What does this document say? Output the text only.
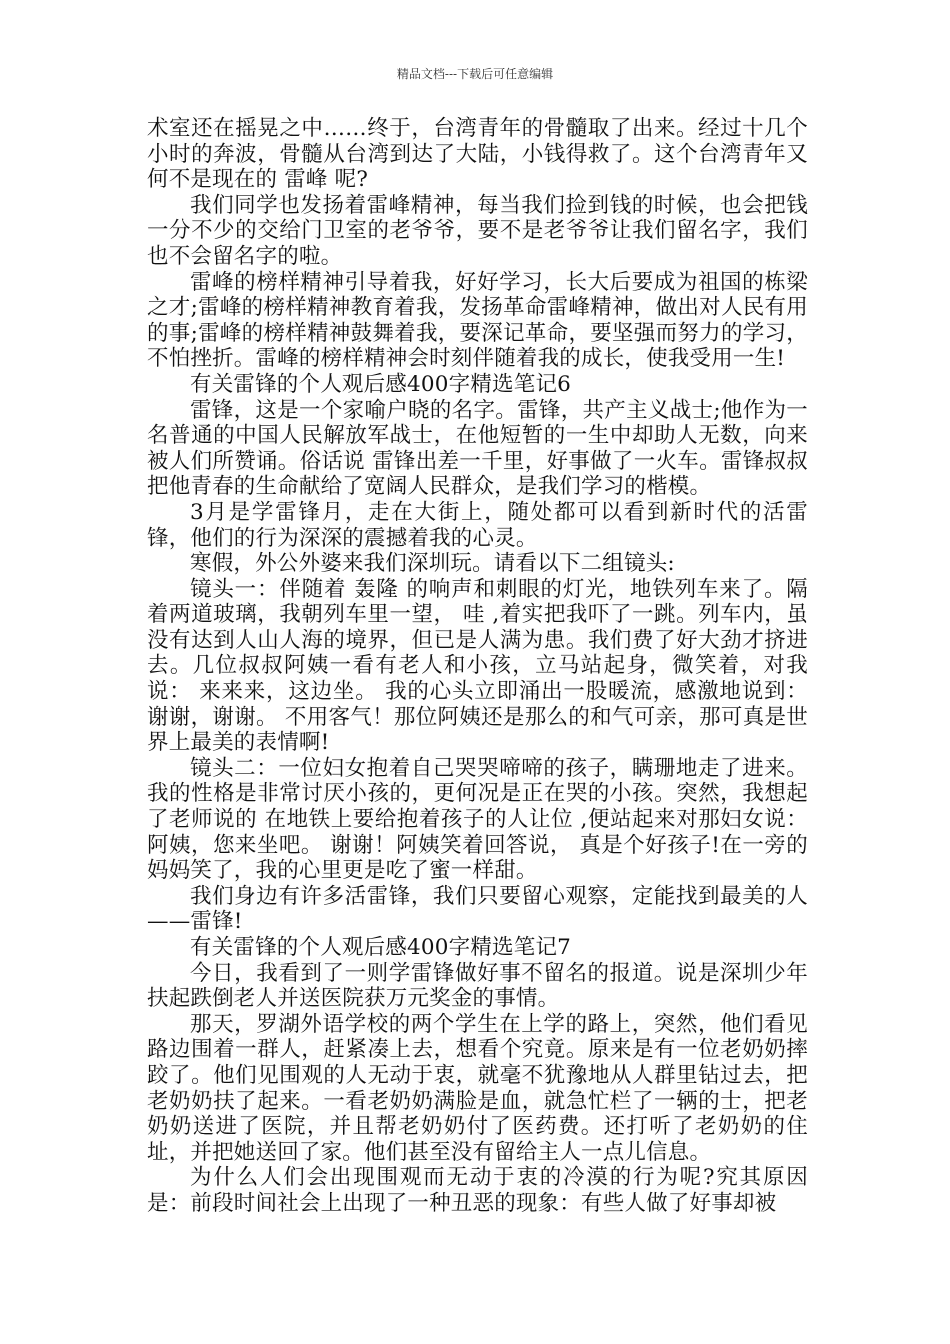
精品文档---下载后可任意编辑

术室还在摇晃之中……终于，台湾青年的骨髓取了出来。经过十几个小时的奔波，骨髓从台湾到达了大陆，小钱得救了。这个台湾青年又何不是现在的 雷峰 呢?

我们同学也发扬着雷峰精神，每当我们捡到钱的时候，也会把钱一分不少的交给门卫室的老爷爷，要不是老爷爷让我们留名字，我们也不会留名字的啦。

雷峰的榜样精神引导着我，好好学习，长大后要成为祖国的栋梁之才;雷峰的榜样精神教育着我，发扬革命雷峰精神，做出对人民有用的事;雷峰的榜样精神鼓舞着我，要深记革命，要坚强而努力的学习，不怕挫折。雷峰的榜样精神会时刻伴随着我的成长，使我受用一生!

有关雷锋的个人观后感400字精选笔记6

雷锋，这是一个家喻户晓的名字。雷锋，共产主义战士;他作为一名普通的中国人民解放军战士，在他短暂的一生中却助人无数，向来被人们所赞诵。俗话说 雷锋出差一千里，好事做了一火车。雷锋叔叔把他青春的生命献给了宽阔人民群众，是我们学习的楷模。

3月是学雷锋月，走在大街上，随处都可以看到新时代的活雷锋，他们的行为深深的震撼着我的心灵。

寒假，外公外婆来我们深圳玩。请看以下二组镜头:

镜头一：伴随着 轰隆 的响声和刺眼的灯光，地铁列车来了。隔着两道玻璃，我朝列车里一望， 哇 ,着实把我吓了一跳。列车内，虽没有达到人山人海的境界，但已是人满为患。我们费了好大劲才挤进去。几位叔叔阿姨一看有老人和小孩，立马站起身，微笑着，对我说： 来来来，这边坐。 我的心头立即涌出一股暖流，感激地说到： 谢谢，谢谢。 不用客气！那位阿姨还是那么的和气可亲，那可真是世界上最美的表情啊!

镜头二：一位妇女抱着自己哭哭啼啼的孩子，瞒珊地走了进来。我的性格是非常讨厌小孩的，更何况是正在哭的小孩。突然，我想起了老师说的 在地铁上要给抱着孩子的人让位 ,便站起来对那妇女说： 阿姨，您来坐吧。 谢谢！阿姨笑着回答说， 真是个好孩子!在一旁的妈妈笑了，我的心里更是吃了蜜一样甜。

我们身边有许多活雷锋，我们只要留心观察，定能找到最美的人——雷锋!

有关雷锋的个人观后感400字精选笔记7

今日，我看到了一则学雷锋做好事不留名的报道。说是深圳少年扶起跌倒老人并送医院获万元奖金的事情。

那天，罗湖外语学校的两个学生在上学的路上，突然，他们看见路边围着一群人，赶紧凑上去，想看个究竟。原来是有一位老奶奶摔跤了。他们见围观的人无动于衷，就毫不犹豫地从人群里钻过去，把老奶奶扶了起来。一看老奶奶满脸是血，就急忙栏了一辆的士，把老奶奶送进了医院，并且帮老奶奶付了医药费。还打听了老奶奶的住址，并把她送回了家。他们甚至没有留给主人一点儿信息。

为什么人们会出现围观而无动于衷的冷漠的行为呢?究其原因是：前段时间社会上出现了一种丑恶的现象：有些人做了好事却被
